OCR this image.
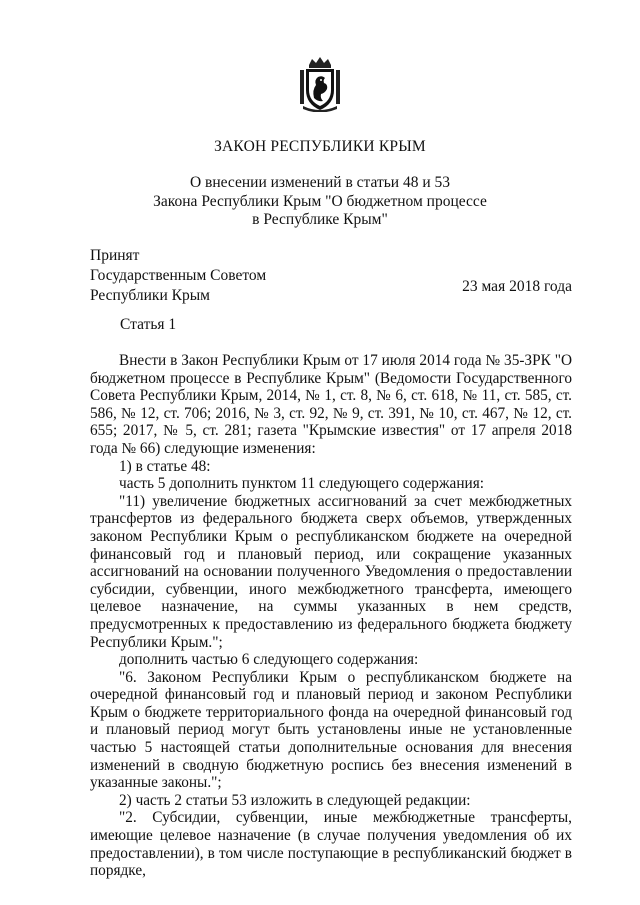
ЗАКОН РЕСПУБЛИКИ КРЫМ
О внесении изменений в статьи 48 и 53
Закона Республики Крым "О бюджетном процессе
в Республике Крым"
Принят
Государственным Советом
Республики Крым
23 мая 2018 года
Статья 1

Внести в Закон Республики Крым от 17 июля 2014 года № 35-ЗРК "О бюджетном процессе в Республике Крым" (Ведомости Государственного Совета Республики Крым, 2014, № 1, ст. 8, № 6, ст. 618, № 11, ст. 585, ст. 586, № 12, ст. 706; 2016, № 3, ст. 92, № 9, ст. 391, № 10, ст. 467, № 12, ст. 655; 2017, № 5, ст. 281; газета "Крымские известия" от 17 апреля 2018 года № 66) следующие изменения:

1) в статье 48:

часть 5 дополнить пунктом 11 следующего содержания:

"11) увеличение бюджетных ассигнований за счет межбюджетных трансфертов из федерального бюджета сверх объемов, утвержденных законом Республики Крым о республиканском бюджете на очередной финансовый год и плановый период, или сокращение указанных ассигнований на основании полученного Уведомления о предоставлении субсидии, субвенции, иного межбюджетного трансферта, имеющего целевое назначение, на суммы указанных в нем средств, предусмотренных к предоставлению из федерального бюджета бюджету Республики Крым.";

дополнить частью 6 следующего содержания:

"6. Законом Республики Крым о республиканском бюджете на очередной финансовый год и плановый период и законом Республики Крым о бюджете территориального фонда на очередной финансовый год и плановый период могут быть установлены иные не установленные частью 5 настоящей статьи дополнительные основания для внесения изменений в сводную бюджетную роспись без внесения изменений в указанные законы.";

2) часть 2 статьи 53 изложить в следующей редакции:

"2. Субсидии, субвенции, иные межбюджетные трансферты, имеющие целевое назначение (в случае получения уведомления об их предоставлении), в том числе поступающие в республиканский бюджет в порядке,
